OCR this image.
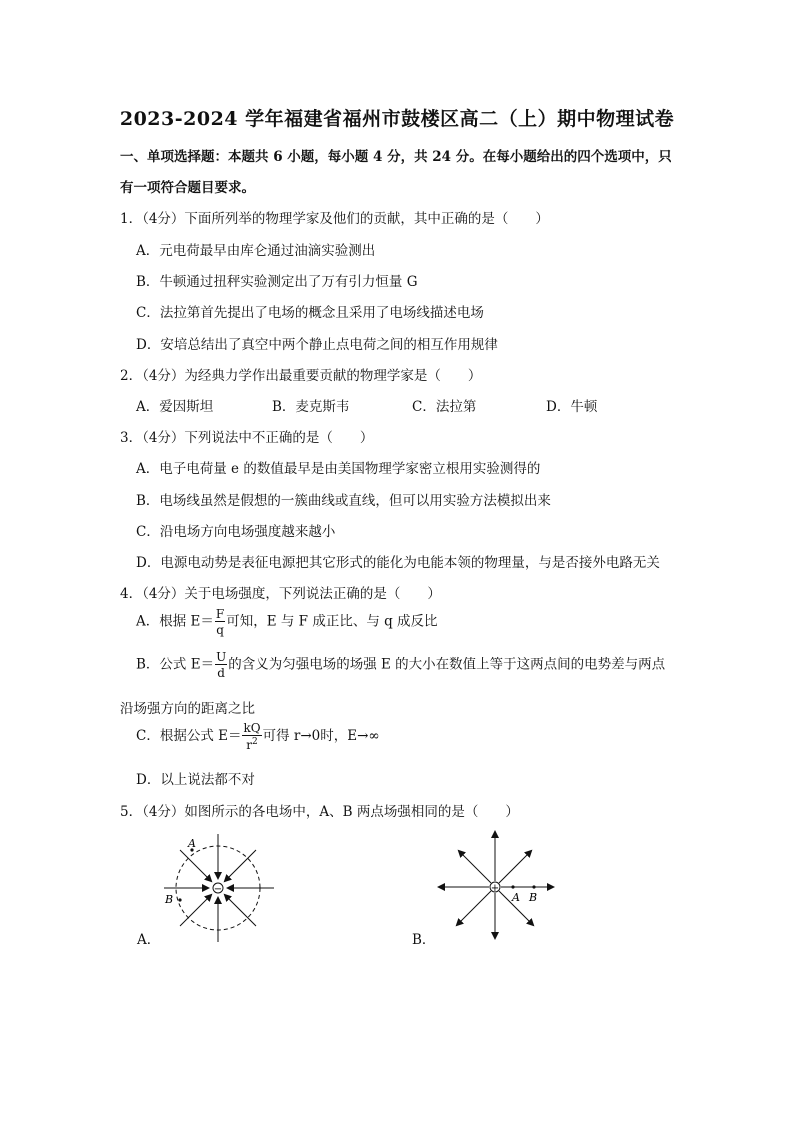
2023-2024 学年福建省福州市鼓楼区高二（上）期中物理试卷
一、单项选择题：本题共 6 小题，每小题 4 分，共 24 分。在每小题给出的四个选项中，只
有一项符合题目要求。
1．（4分）下面所列举的物理学家及他们的贡献，其中正确的是（　　）
A．元电荷最早由库仑通过油滴实验测出
B．牛顿通过扭秤实验测定出了万有引力恒量 G
C．法拉第首先提出了电场的概念且采用了电场线描述电场
D．安培总结出了真空中两个静止点电荷之间的相互作用规律
2．（4分）为经典力学作出最重要贡献的物理学家是（　　）
A．爱因斯坦	B．麦克斯韦	C．法拉第	D．牛顿
3．（4分）下列说法中不正确的是（　　）
A．电子电荷量 e 的数值最早是由美国物理学家密立根用实验测得的
B．电场线虽然是假想的一簇曲线或直线，但可以用实验方法模拟出来
C．沿电场方向电场强度越来越小
D．电源电动势是表征电源把其它形式的能化为电能本领的物理量，与是否接外电路无关
4．（4分）关于电场强度，下列说法正确的是（　　）
A．根据 $E= \frac{F}{q}$ 可知，E 与 F 成正比、与 q 成反比
B．公式 $E= \frac{U}{d}$ 的含义为匀强电场的场强 E 的大小在数值上等于这两点间的电势差与两点
沿场强方向的距离之比
C．根据公式 $E= \frac{kQ}{r^2}$ 可得 r→0时，E→∞
D．以上说法都不对
5．（4分）如图所示的各电场中，A、B 两点场强相同的是（　　）
−
A
B
A．
+
A B
B．
